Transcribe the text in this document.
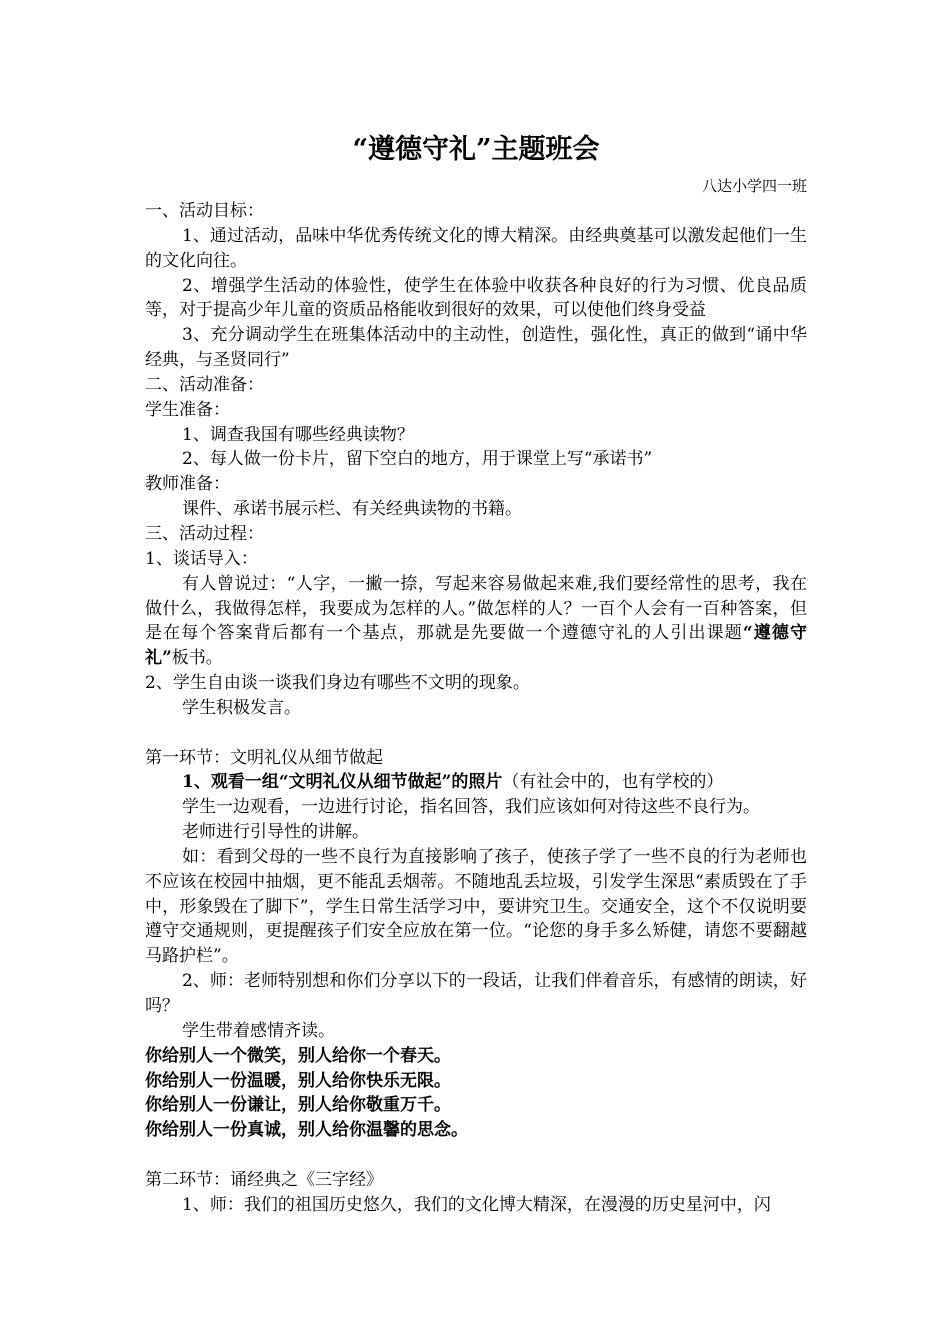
“遵德守礼”主题班会
八达小学四一班

一、活动目标：

1、通过活动，品味中华优秀传统文化的博大精深。由经典奠基可以激发起他们一生的文化向往。

2、增强学生活动的体验性，使学生在体验中收获各种良好的行为习惯、优良品质等，对于提高少年儿童的资质品格能收到很好的效果，可以使他们终身受益

3、充分调动学生在班集体活动中的主动性，创造性，强化性，真正的做到“诵中华经典，与圣贤同行”

二、活动准备：

学生准备：

1、调查我国有哪些经典读物？

2、每人做一份卡片，留下空白的地方，用于课堂上写“承诺书”

教师准备：

课件、承诺书展示栏、有关经典读物的书籍。

三、活动过程：

1、谈话导入：

有人曾说过：“人字，一撇一捺，写起来容易做起来难,我们要经常性的思考，我在做什么，我做得怎样，我要成为怎样的人。”做怎样的人？一百个人会有一百种答案，但是在每个答案背后都有一个基点，那就是先要做一个遵德守礼的人引出课题“遵德守礼”板书。

2、学生自由谈一谈我们身边有哪些不文明的现象。

学生积极发言。

第一环节：文明礼仪从细节做起

1、观看一组“文明礼仪从细节做起”的照片（有社会中的，也有学校的）

学生一边观看，一边进行讨论，指名回答，我们应该如何对待这些不良行为。

老师进行引导性的讲解。

如：看到父母的一些不良行为直接影响了孩子，使孩子学了一些不良的行为老师也不应该在校园中抽烟，更不能乱丢烟蒂。不随地乱丢垃圾，引发学生深思“素质毁在了手中，形象毁在了脚下”，学生日常生活学习中，要讲究卫生。交通安全，这个不仅说明要遵守交通规则，更提醒孩子们安全应放在第一位。“论您的身手多么矫健，请您不要翻越马路护栏”。

2、师：老师特别想和你们分享以下的一段话，让我们伴着音乐，有感情的朗读，好吗？

学生带着感情齐读。

你给别人一个微笑，别人给你一个春天。

你给别人一份温暖，别人给你快乐无限。

你给别人一份谦让，别人给你敬重万千。

你给别人一份真诚，别人给你温馨的思念。

第二环节：诵经典之《三字经》

1、师：我们的祖国历史悠久，我们的文化博大精深，在漫漫的历史星河中，闪
